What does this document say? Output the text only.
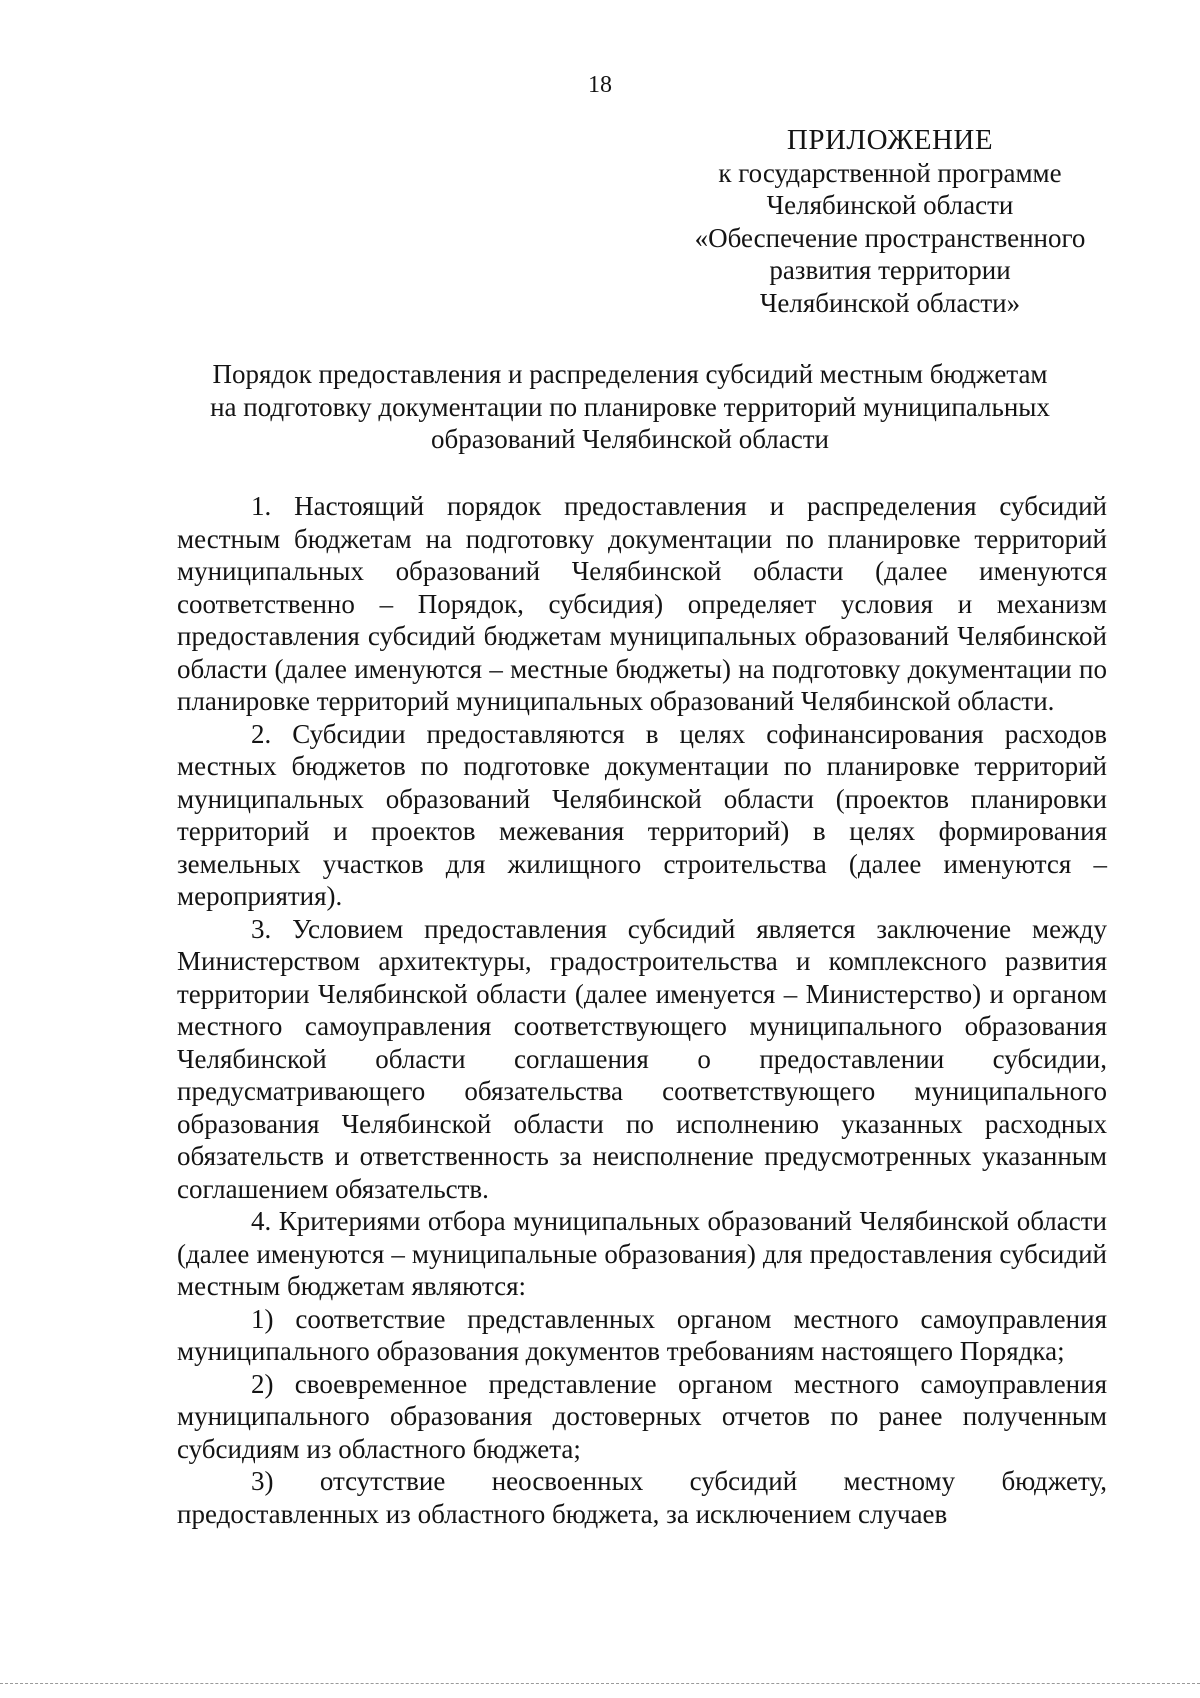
18
ПРИЛОЖЕНИЕ
к государственной программе
Челябинской области
«Обеспечение пространственного
развития территории
Челябинской области»
Порядок предоставления и распределения субсидий местным бюджетам
на подготовку документации по планировке территорий муниципальных
образований Челябинской области

1. Настоящий порядок предоставления и распределения субсидий местным бюджетам на подготовку документации по планировке территорий муниципальных образований Челябинской области (далее именуются соответственно – Порядок, субсидия) определяет условия и механизм предоставления субсидий бюджетам муниципальных образований Челябинской области (далее именуются – местные бюджеты) на подготовку документации по планировке территорий муниципальных образований Челябинской области.

2. Субсидии предоставляются в целях софинансирования расходов местных бюджетов по подготовке документации по планировке территорий муниципальных образований Челябинской области (проектов планировки территорий и проектов межевания территорий) в целях формирования земельных участков для жилищного строительства (далее именуются – мероприятия).

3. Условием предоставления субсидий является заключение между Министерством архитектуры, градостроительства и комплексного развития территории Челябинской области (далее именуется – Министерство) и органом местного самоуправления соответствующего муниципального образования Челябинской области соглашения о предоставлении субсидии, предусматривающего обязательства соответствующего муниципального образования Челябинской области по исполнению указанных расходных обязательств и ответственность за неисполнение предусмотренных указанным соглашением обязательств.

4. Критериями отбора муниципальных образований Челябинской области (далее именуются – муниципальные образования) для предоставления субсидий местным бюджетам являются:

1) соответствие представленных органом местного самоуправления муниципального образования документов требованиям настоящего Порядка;

2) своевременное представление органом местного самоуправления муниципального образования достоверных отчетов по ранее полученным субсидиям из областного бюджета;

3) отсутствие неосвоенных субсидий местному бюджету, предоставленных из областного бюджета, за исключением случаев
